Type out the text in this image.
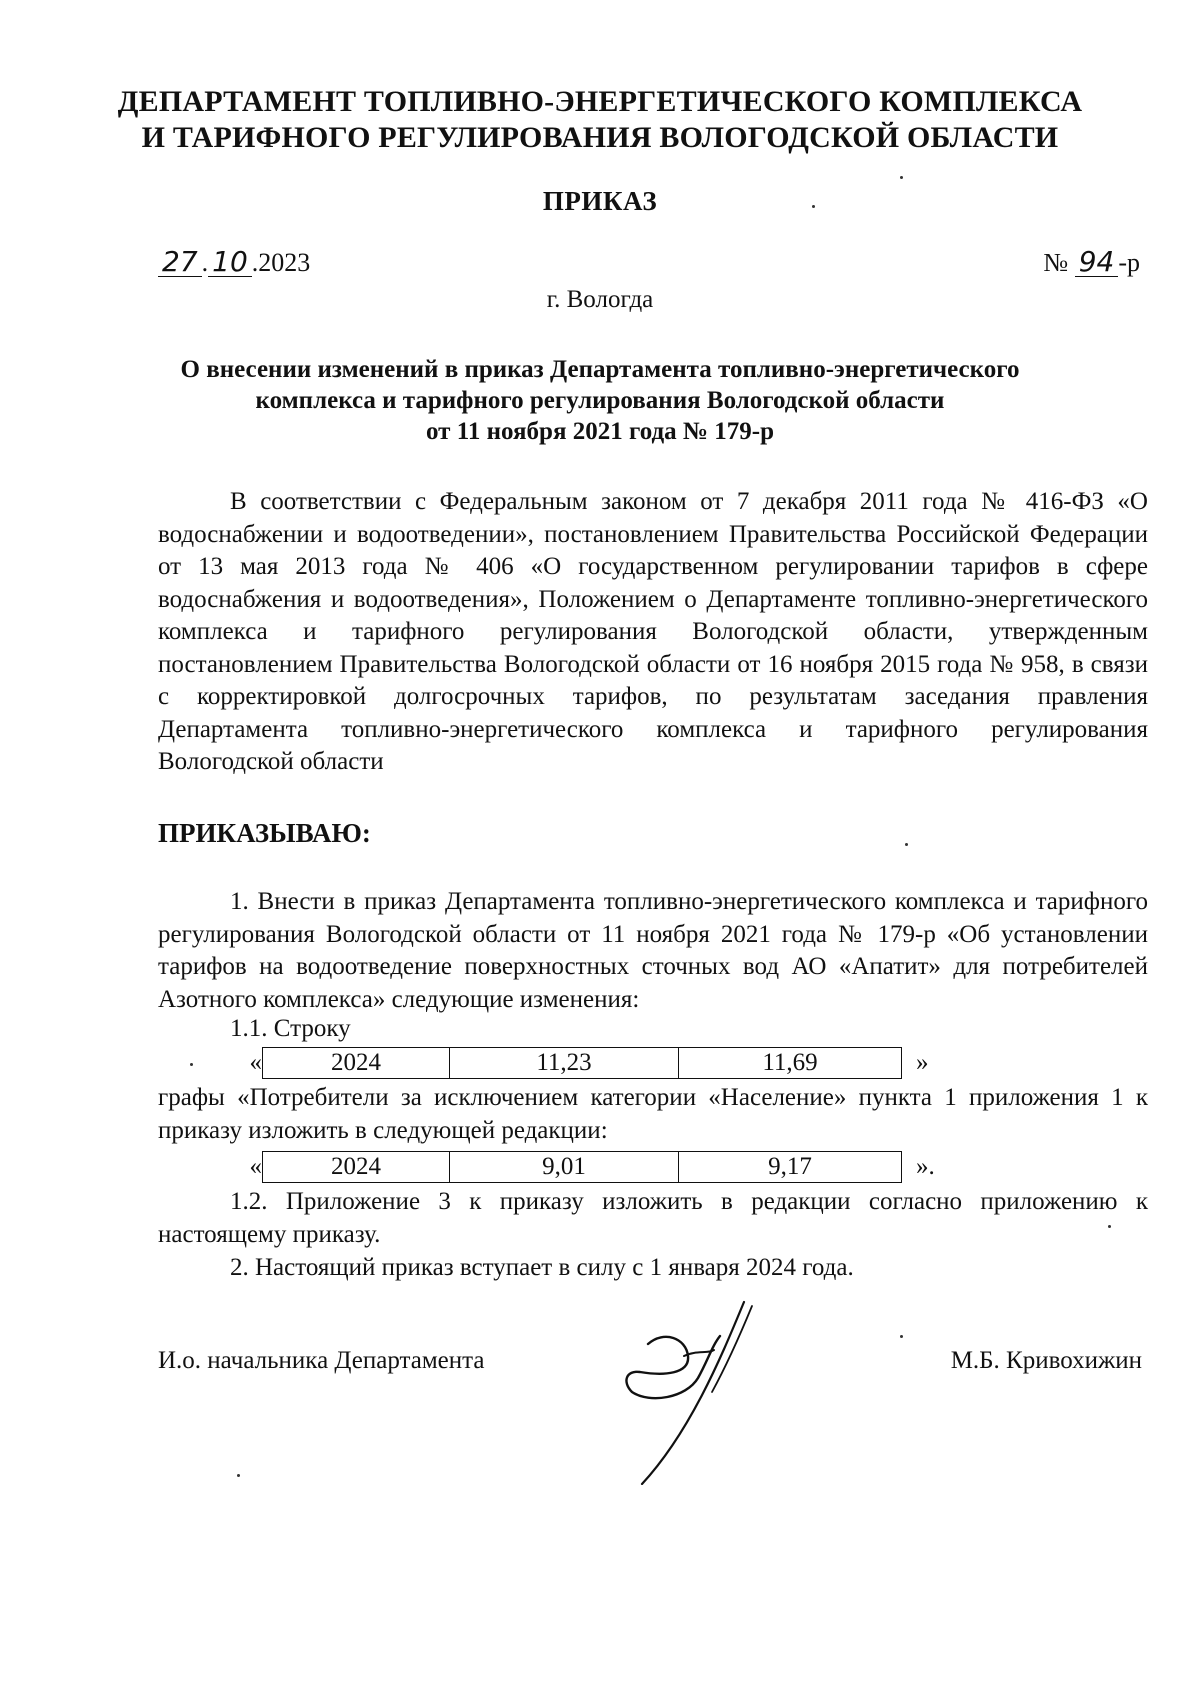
ДЕПАРТАМЕНТ ТОПЛИВНО-ЭНЕРГЕТИЧЕСКОГО КОМПЛЕКСА
И ТАРИФНОГО РЕГУЛИРОВАНИЯ ВОЛОГОДСКОЙ ОБЛАСТИ
ПРИКАЗ
27 . 10 .2023	№ 94 -р
г. Вологда
О внесении изменений в приказ Департамента топливно-энергетического
комплекса и тарифного регулирования Вологодской области
от 11 ноября 2021 года № 179-р
В соответствии с Федеральным законом от 7 декабря 2011 года № 416-ФЗ «О водоснабжении и водоотведении», постановлением Правительства Российской Федерации от 13 мая 2013 года № 406 «О государственном регулировании тарифов в сфере водоснабжения и водоотведения», Положением о Департаменте топливно-энергетического комплекса и тарифного регулирования Вологодской области, утвержденным постановлением Правительства Вологодской области от 16 ноября 2015 года № 958, в связи с корректировкой долгосрочных тарифов, по результатам заседания правления Департамента топливно-энергетического комплекса и тарифного регулирования Вологодской области
ПРИКАЗЫВАЮ:
1. Внести в приказ Департамента топливно-энергетического комплекса и тарифного регулирования Вологодской области от 11 ноября 2021 года № 179-р «Об установлении тарифов на водоотведение поверхностных сточных вод АО «Апатит» для потребителей Азотного комплекса» следующие изменения:
1.1. Строку
«	2024	11,23	11,69	»
графы «Потребители за исключением категории «Население» пункта 1 приложения 1 к приказу изложить в следующей редакции:
«	2024	9,01	9,17	».
1.2. Приложение 3 к приказу изложить в редакции согласно приложению к настоящему приказу.
2. Настоящий приказ вступает в силу с 1 января 2024 года.
И.о. начальника Департамента	М.Б. Кривохижин
